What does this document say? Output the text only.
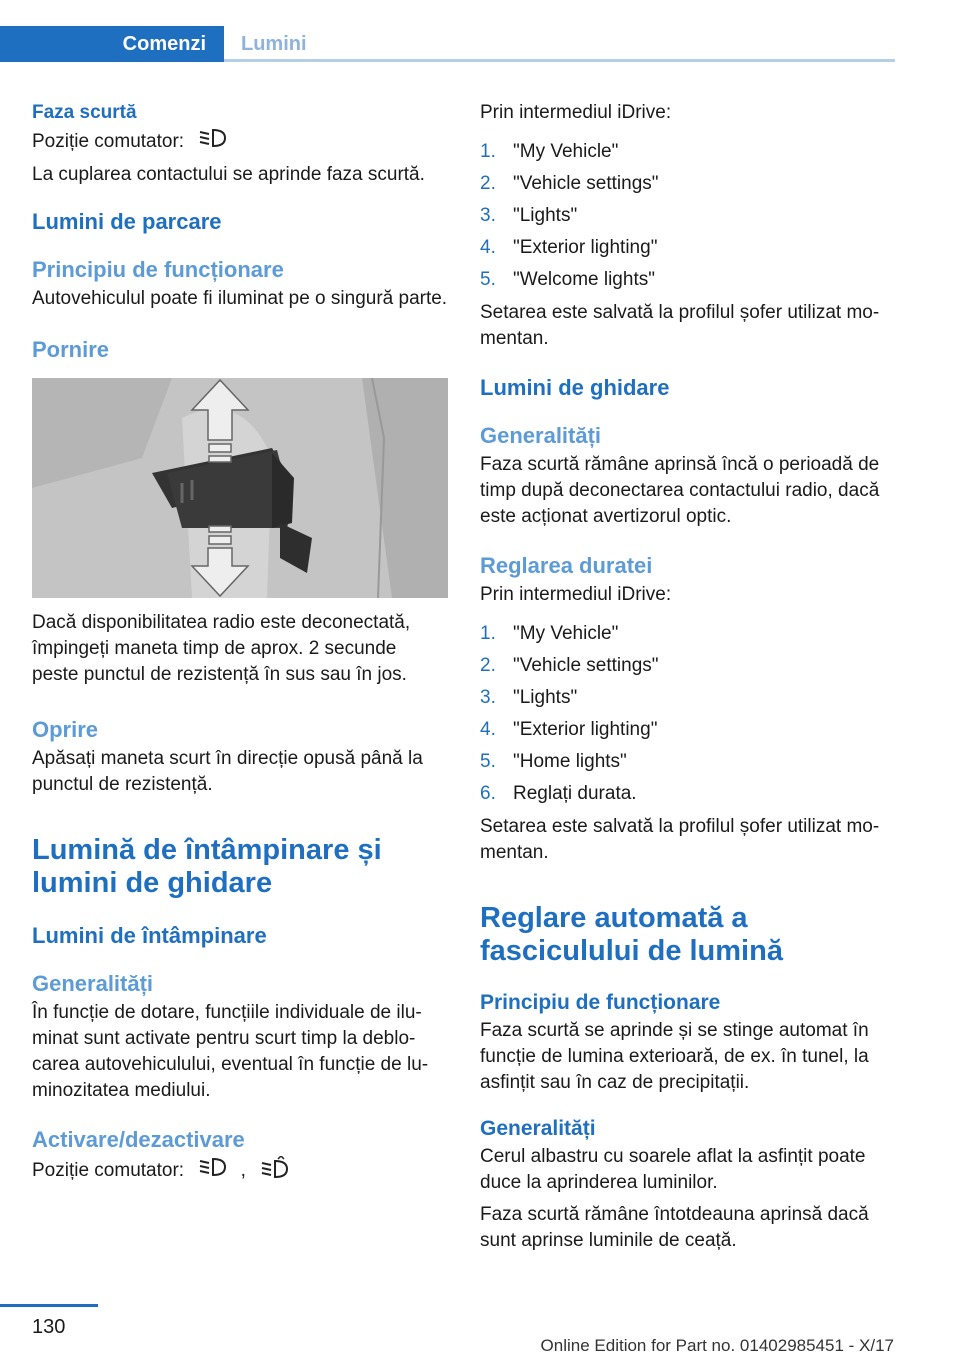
Comenzi Lumini
Faza scurtă

Poziție comutator:

La cuplarea contactului se aprinde faza scurtă.

Lumini de parcare
Principiu de funcționare

Autovehiculul poate fi iluminat pe o singură parte.

Pornire

Dacă disponibilitatea radio este deconectată, împingeți maneta timp de aprox. 2 secunde peste punctul de rezistență în sus sau în jos.

Oprire

Apăsați maneta scurt în direcție opusă până la punctul de rezistență.

Lumină de întâmpinare și lumini de ghidare
Lumini de întâmpinare
Generalități

În funcție de dotare, funcțiile individuale de ilu‐minat sunt activate pentru scurt timp la deblo‐carea autovehiculului, eventual în funcție de lu‐minozitatea mediului.

Activare/dezactivare

Poziție comutator:	,

Prin intermediul iDrive:

1. "My Vehicle"
2. "Vehicle settings"
3. "Lights"
4. "Exterior lighting"
5. "Welcome lights"

Setarea este salvată la profilul șofer utilizat mo‐mentan.

Lumini de ghidare
Generalități

Faza scurtă rămâne aprinsă încă o perioadă de timp după deconectarea contactului radio, dacă este acționat avertizorul optic.

Reglarea duratei

Prin intermediul iDrive:

1. "My Vehicle"
2. "Vehicle settings"
3. "Lights"
4. "Exterior lighting"
5. "Home lights"
6. Reglați durata.

Setarea este salvată la profilul șofer utilizat mo‐mentan.

Reglare automată a fasciculului de lumină
Principiu de funcționare

Faza scurtă se aprinde și se stinge automat în funcție de lumina exterioară, de ex. în tunel, la asfințit sau în caz de precipitații.

Generalități

Cerul albastru cu soarele aflat la asfințit poate duce la aprinderea luminilor.

Faza scurtă rămâne întotdeauna aprinsă dacă sunt aprinse luminile de ceață.

130
Online Edition for Part no. 01402985451 - X/17
